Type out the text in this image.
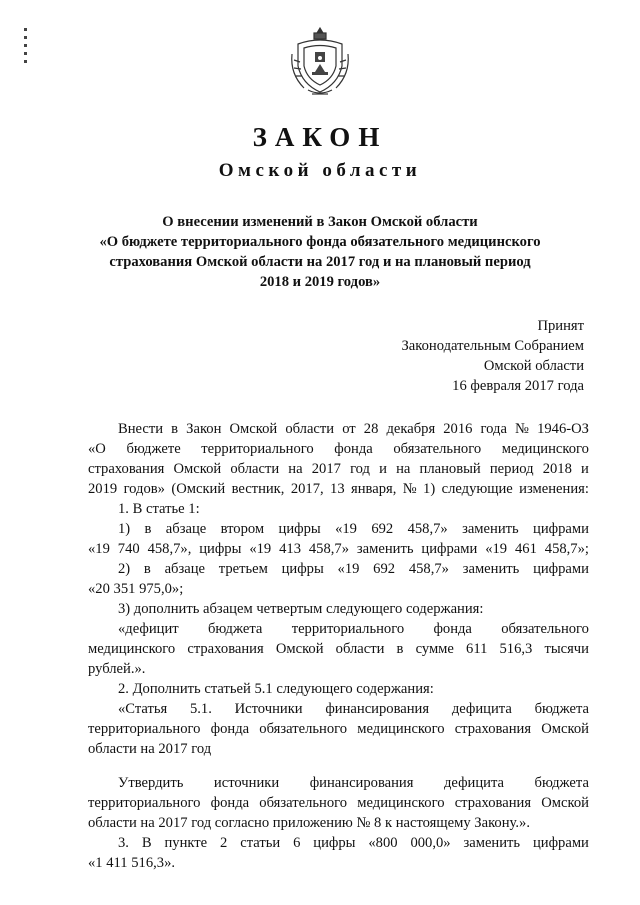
ЗАКОН
Омской области
О внесении изменений в Закон Омской области
«О бюджете территориального фонда обязательного медицинского
страхования Омской области на 2017 год и на плановый период
2018 и 2019 годов»
Принят
Законодательным Собранием
Омской области
16 февраля 2017 года
Внести в Закон Омской области от 28 декабря 2016 года № 1946-ОЗ
«О бюджете территориального фонда обязательного медицинского
страхования Омской области на 2017 год и на плановый период 2018 и
2019 годов» (Омский вестник, 2017, 13 января, № 1) следующие изменения:
1. В статье 1:
1) в абзаце втором цифры «19 692 458,7» заменить цифрами
«19 740 458,7», цифры «19 413 458,7» заменить цифрами «19 461 458,7»;
2) в абзаце третьем цифры «19 692 458,7» заменить цифрами
«20 351 975,0»;
3) дополнить абзацем четвертым следующего содержания:
«дефицит бюджета территориального фонда обязательного
медицинского страхования Омской области в сумме 611 516,3 тысячи
рублей.».
2. Дополнить статьей 5.1 следующего содержания:
«Статья 5.1. Источники финансирования дефицита бюджета
территориального фонда обязательного медицинского страхования Омской
области на 2017 год
Утвердить источники финансирования дефицита бюджета
территориального фонда обязательного медицинского страхования Омской
области на 2017 год согласно приложению № 8 к настоящему Закону.».
3. В пункте 2 статьи 6 цифры «800 000,0» заменить цифрами
«1 411 516,3».
